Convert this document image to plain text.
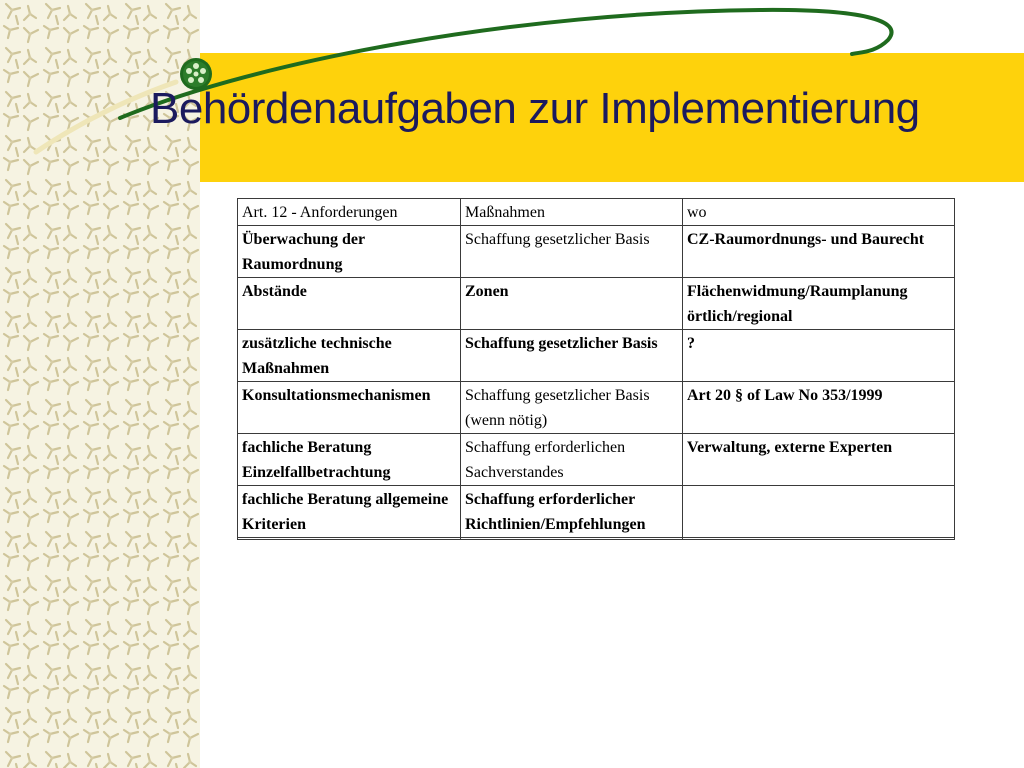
Behördenaufgaben zur Implementierung
Art. 12 - Anforderungen	Maßnahmen	wo
Überwachung der Raumordnung	Schaffung gesetzlicher Basis	CZ-Raumordnungs- und Baurecht
Abstände	Zonen	Flächenwidmung/Raumplanung örtlich/regional
zusätzliche technische Maßnahmen	Schaffung gesetzlicher Basis	?
Konsultationsmechanismen	Schaffung gesetzlicher Basis (wenn nötig)	Art 20 § of Law No 353/1999
fachliche Beratung Einzelfallbetrachtung	Schaffung erforderlichen Sachverstandes	Verwaltung, externe Experten
fachliche Beratung allgemeine Kriterien	Schaffung erforderlicher Richtlinien/Empfehlungen	
